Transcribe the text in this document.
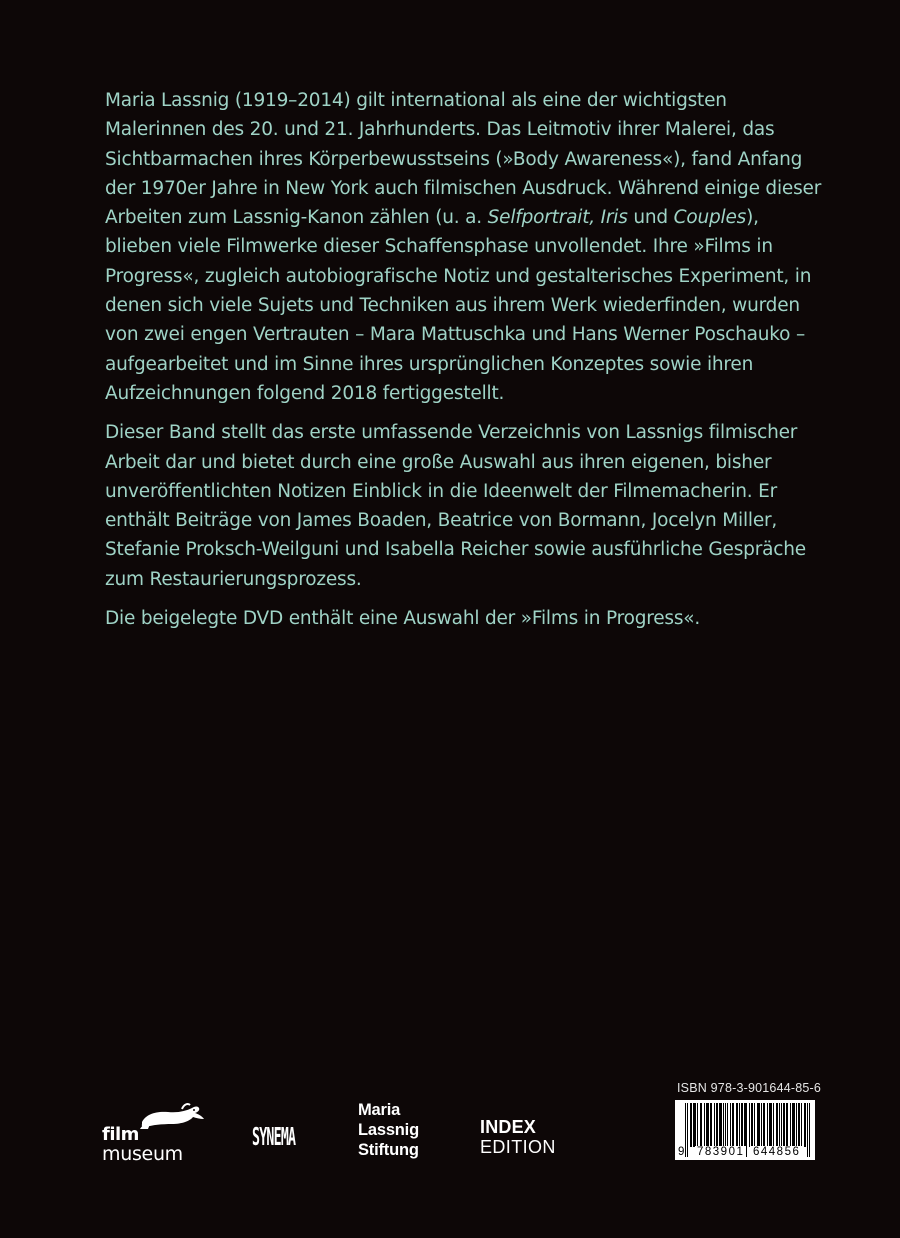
Maria Lassnig (1919–2014) gilt international als eine der wichtigsten Malerinnen des 20. und 21. Jahrhunderts. Das Leitmotiv ihrer Malerei, das Sichtbarmachen ihres Körperbewusstseins (»Body Awareness«), fand Anfang der 1970er Jahre in New York auch filmischen Ausdruck. Während einige dieser Arbeiten zum Lassnig-Kanon zählen (u. a. Selfportrait, Iris und Couples), blieben viele Filmwerke dieser Schaffensphase unvollendet. Ihre »Films in Progress«, zugleich autobiografische Notiz und gestalterisches Experiment, in denen sich viele Sujets und Techniken aus ihrem Werk wiederfinden, wurden von zwei engen Vertrauten – Mara Mattuschka und Hans Werner Poschauko – aufgearbeitet und im Sinne ihres ursprünglichen Konzeptes sowie ihren Aufzeichnungen folgend 2018 fertiggestellt.

Dieser Band stellt das erste umfassende Verzeichnis von Lassnigs filmischer Arbeit dar und bietet durch eine große Auswahl aus ihren eigenen, bisher unveröffentlichten Notizen Einblick in die Ideenwelt der Filmemacherin. Er enthält Beiträge von James Boaden, Beatrice von Bormann, Jocelyn Miller, Stefanie Proksch-Weilguni und Isabella Reicher sowie ausführliche Gespräche zum Restaurierungsprozess.

Die beigelegte DVD enthält eine Auswahl der »Films in Progress«.

film
museum
SYNEMA
Maria
Lassnig
Stiftung
INDEX
EDITION
ISBN 978-3-901644-85-6
9 783901 644856
